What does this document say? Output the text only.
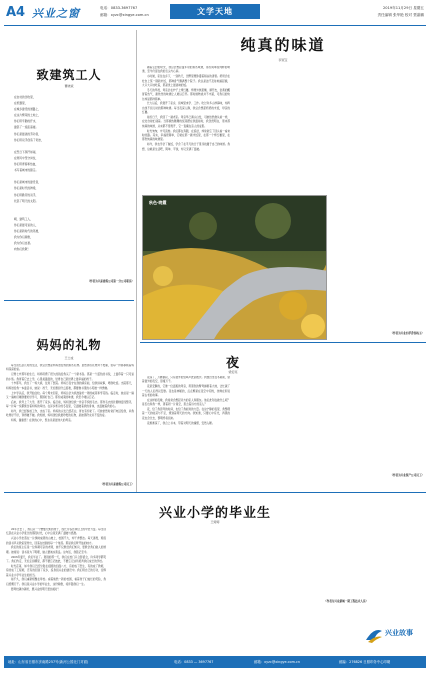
A4 兴业之窗	电话：0833-3697767
邮箱：xyzc@xingye.com.cn	文学天地	2019年11月29日 星期五
责任编辑 张华艳 校对 贾嘉鹏
致建筑工人
曹晓斌
在农村的田坎里，
在机器里，
在城乡建设的道路上，
在这片繁荣的土地上，
你们用辛勤的汗水，
建起了一座座高楼。
你们是最美的劳动者，
你们用双手创造了奇迹，

在烈日下挥汗如雨，
在寒风中坚守岗位，
你们用青春和热血，
书写着城市的篇章。

你们是城市的建设者，
你们是时代的脊梁，
你们用勤劳的双手，
托起了明天的太阳。

啊，建筑工人，
你们是最可爱的人，
你们是新时代的英雄，
我为你们骄傲，
我为你们自豪。
向你们致敬！
（作者为兴泰建筑公司第一分公司职员）
妈妈的礼物
王士成

每当回忆起儿时的生活，我总会想起妈妈送给我的那些礼物。虽然那些礼物并不贵重，但每一件都承载着妈妈深深的爱。

记得七岁那年的生日，妈妈用攒了很久的钱给我买了一个新书包。那是一个蓝色的书包，上面印着一只可爱的小熊。我背着它去上学，心里美滋滋的，觉得自己是世界上最幸福的孩子。

十岁那年，我生了一场大病，住进了医院。妈妈日夜守在我的病床前，给我讲故事，喂我吃饭。出院那天，妈妈送给我一本童话书，她说：孩子，无论遇到什么困难，都要像书里的小英雄一样勇敢。

上中学以后，我开始住校。每个周末回家，妈妈总会为我准备好一周的咸菜和零花钱。临走时，她总是一遍又一遍地叮嘱我要好好学习，照顾好自己。那些咸菜的味道，我至今难以忘记。

后来，我考上了大学，离开了家乡。临行前，妈妈送给我一件亲手织的毛衣。那件毛衣的针脚细密而整齐，每一针每一线都饱含着妈妈的牵挂。在异乡寒冷的冬夜里，它温暖着我的身体，也温暖着我的心。

如今，我已经参加工作，也成了家。妈妈的头发已经花白，背也有些驼了。可她依然时常打电话给我，问我吃得好不好，穿得暖不暖。我知道，妈妈送给我最珍贵的礼物，是她那份永远不变的爱。

妈妈，谢谢您！在我的心中，您永远是最伟大的母亲。

（作者为兴泰建筑公司员工）
纯真的味道
李冠宝

隔着尘封的时光，我总会想起童年时的那些味道，那些简单而纯粹的味道，至今仍留在我的舌尖与心间。

小时候，家住在乡下，一到秋天，田野里便弥漫着稻谷的清香。奶奶会在灶台上蒸一锅新米饭，那种香气飘满整个院子。我总是迫不及待地端起碗，大口大口地吃着，那是世上最美味的饭。

冬天的早晨，母亲会在炉子上烤红薯，烤得外焦里嫩，剥开皮，金黄的瓤冒着热气，甜丝丝的味道让人难以忘怀。那时候物质并不丰富，可我们的快乐却是那样简单。

长大以后，我离开了家乡，到城里求学、工作。吃过许多山珍海味，却再也找不到儿时的那种味道。每当夜深人静，我总会想起奶奶的米饭，母亲的红薯。

前些日子，我回了一趟老家。母亲早已满头白发，可她依然像从前一样，在灶台前忙碌着。当那碗热腾腾的饭菜摆在我面前时，我忽然明白，原来那纯真的味道，从来都不曾离开，它一直藏在亲人的爱里。

时光匆匆，岁月流转。我们都在奔跑，在追赶，却常常忘了回头看一看来时的路。其实，幸福很简单，它就在那一碗米饭里，在那一个烤红薯里，在那份纯真的味道里。

如今，我也学会了做饭，学会了在平凡的日子里寻找属于自己的味道。我想，这就是生活吧，简单、平淡，却又充满了温暖。

（作者为兴业四季香客栈主）
秋色·晚霞
夜
梁宏亮

夜深了，万籁俱寂，只有窗外的虫鸣声此起彼伏。我独自坐在书桌前，望着窗外的夜空，思绪万千。

夜是安静的，它像一位温柔的母亲，用黑色的臂弯拥抱着大地，让忙碌了一天的人们得以安歇。夜也是神秘的，点点繁星在夜空中闪烁，仿佛在诉说着古老的故事。

在这样的夜晚，我常常会想起远方的家人和朋友。他们此刻在做什么呢？是否也和我一样，望着同一片星空，思念着远方的亲人？

夜，给了我思考的时间，也给了我前进的力量。在这宁静的夜里，我整理着一天的收获与不足，规划着明天的方向。我知道，只要心中有光，再黑的夜也会过去，黎明终将到来。

夜渐渐深了，我合上书本，带着对明天的憧憬，安然入睡。

（作者为兴业资产公司员工）
兴业小学的毕业生
王婷婷

20年过去了，我们从一个懵懂无知的孩子，成长为各自岗位上的中坚力量。每当回忆起在兴业小学度过的那段时光，心中总是充满了温暖与感激。

兴业小学坐落在一片绿树成荫的山坡上，校园不大，却干净整洁。每天清晨，琅琅的读书声从教室里传出，回荡在校园的每一个角落。那是我们梦开始的地方。

我们的班主任是一位和蔼可亲的老师，她不仅教给我们知识，更教会我们做人的道理。她常说：读书是为了明理，做人要诚实善良。这句话，我铭记至今。

2006年夏天，我们毕业了。离别的那一天，我们在校门口合影留念，许多同学都哭了。我们约定，无论走到哪里，都不要忘记彼此，不要忘记这所培育我们成长的学校。

时光荏苒，如今我们已经分散在祖国的四面八方，有的成了医生，有的成了教师，有的成了工程师，还有的回到了家乡，投身到兴业的建设中。我们用自己的行动，诠释着兴业小学毕业生的担当。

前不久，我们重新相聚在母校。看着焕然一新的校园，看着孩子们灿烂的笑脸，我们感慨万千。我们是兴业小学的毕业生，这份骄傲，将伴随我们一生。

愿母校越办越好，愿兴业的明天更加美好！

（作者为兴业新城一期工程技术人员）
兴业故事
地址：山东省日照市济南路257号(新河公园北门对面)	电话：0833 — 3697767	邮箱：xyzc@xingye.com.cn	邮编：276826 日照印务中心印刷
